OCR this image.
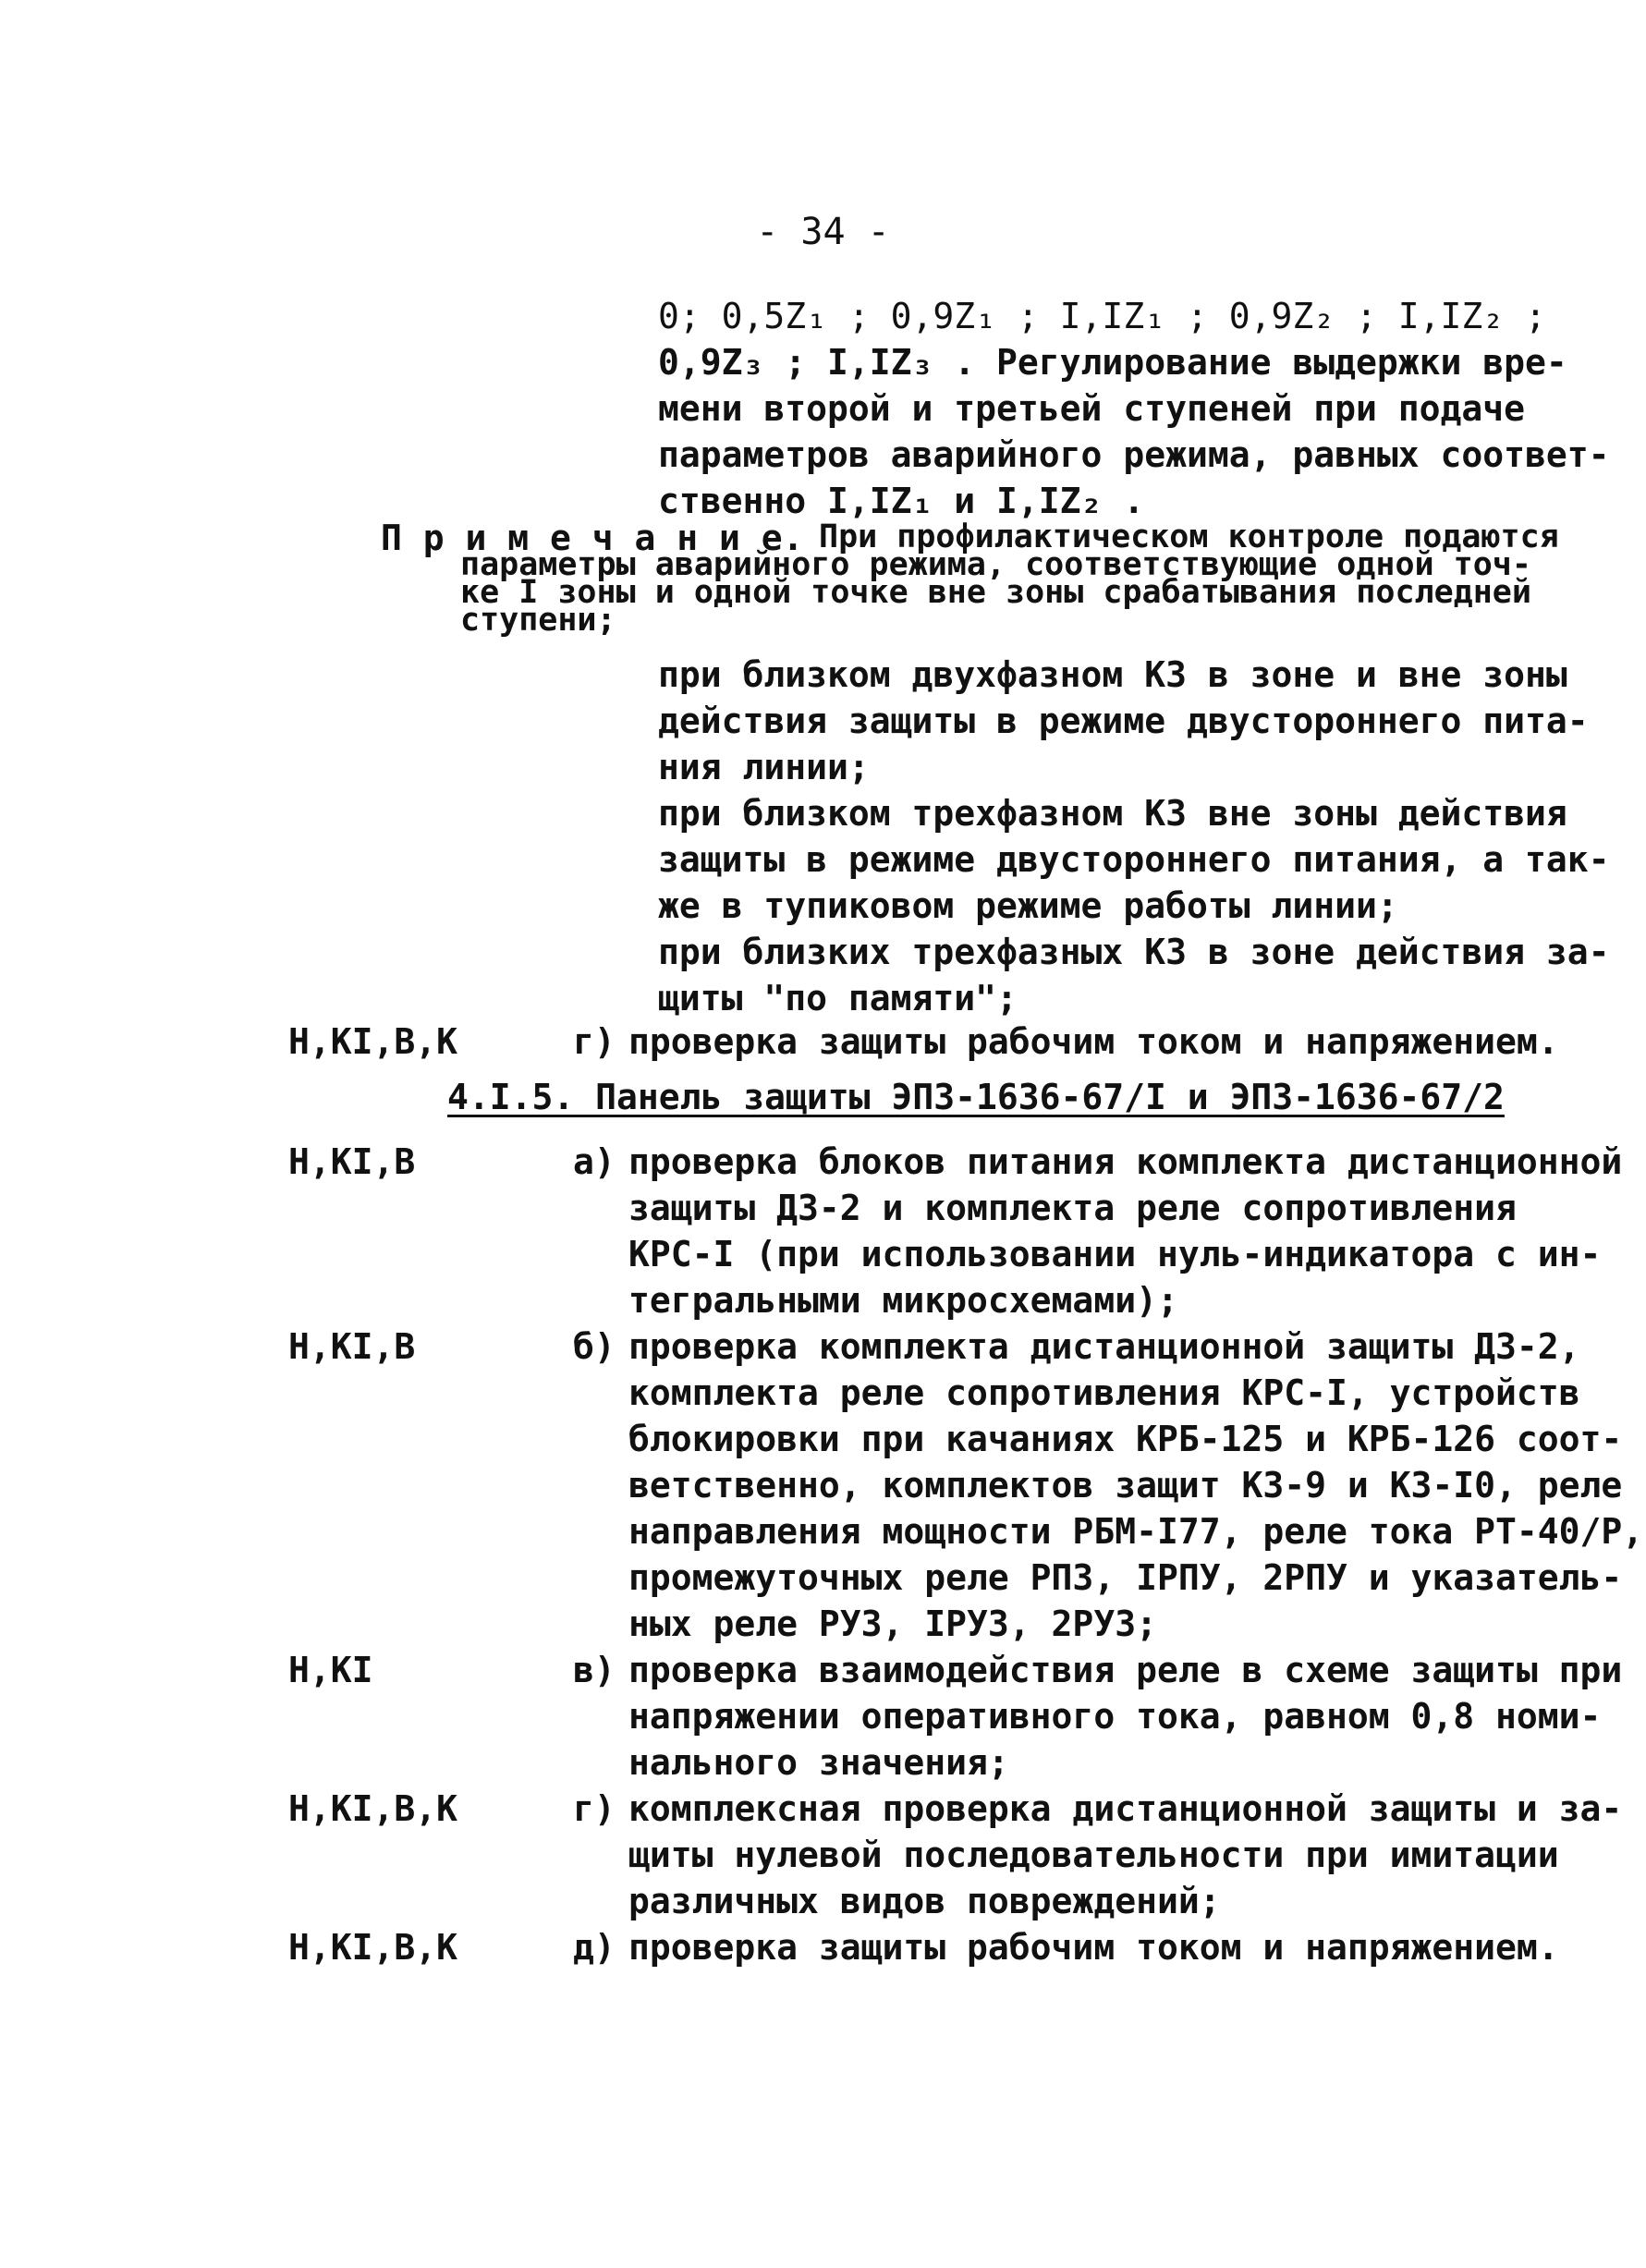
- 34 -
0; 0,5Z₁ ; 0,9Z₁ ; I,IZ₁ ; 0,9Z₂ ; I,IZ₂ ;
0,9Z₃ ; I,IZ₃ . Регулирование выдержки вре-
мени второй и третьей ступеней при подаче
параметров аварийного режима, равных соответ-
ственно I,IZ₁ и I,IZ₂ .
П р и м е ч а н и е. При профилактическом контроле подаются
параметры аварийного режима, соответствующие одной точ-
ке I зоны и одной точке вне зоны срабатывания последней
ступени;
при близком двухфазном КЗ в зоне и вне зоны
действия защиты в режиме двустороннего пита-
ния линии;
при близком трехфазном КЗ вне зоны действия
защиты в режиме двустороннего питания, а так-
же в тупиковом режиме работы линии;
при близких трехфазных КЗ в зоне действия за-
щиты "по памяти";
Н,КI,В,К	г) проверка защиты рабочим током и напряжением.
4.I.5. Панель защиты ЭПЗ-1636-67/I и ЭПЗ-1636-67/2
Н,КI,В	а) проверка блоков питания комплекта дистанционной
защиты ДЗ-2 и комплекта реле сопротивления
КРС-I (при использовании нуль-индикатора с ин-
тегральными микросхемами);
Н,КI,В	б) проверка комплекта дистанционной защиты ДЗ-2,
комплекта реле сопротивления КРС-I, устройств
блокировки при качаниях КРБ-125 и КРБ-126 соот-
ветственно, комплектов защит КЗ-9 и КЗ-I0, реле
направления мощности РБМ-I77, реле тока РТ-40/Р,
промежуточных реле РПЗ, IРПУ, 2РПУ и указатель-
ных реле РУЗ, IРУЗ, 2РУЗ;
Н,КI	в) проверка взаимодействия реле в схеме защиты при
напряжении оперативного тока, равном 0,8 номи-
нального значения;
Н,КI,В,К	г) комплексная проверка дистанционной защиты и за-
щиты нулевой последовательности при имитации
различных видов повреждений;
Н,КI,В,К	д) проверка защиты рабочим током и напряжением.
